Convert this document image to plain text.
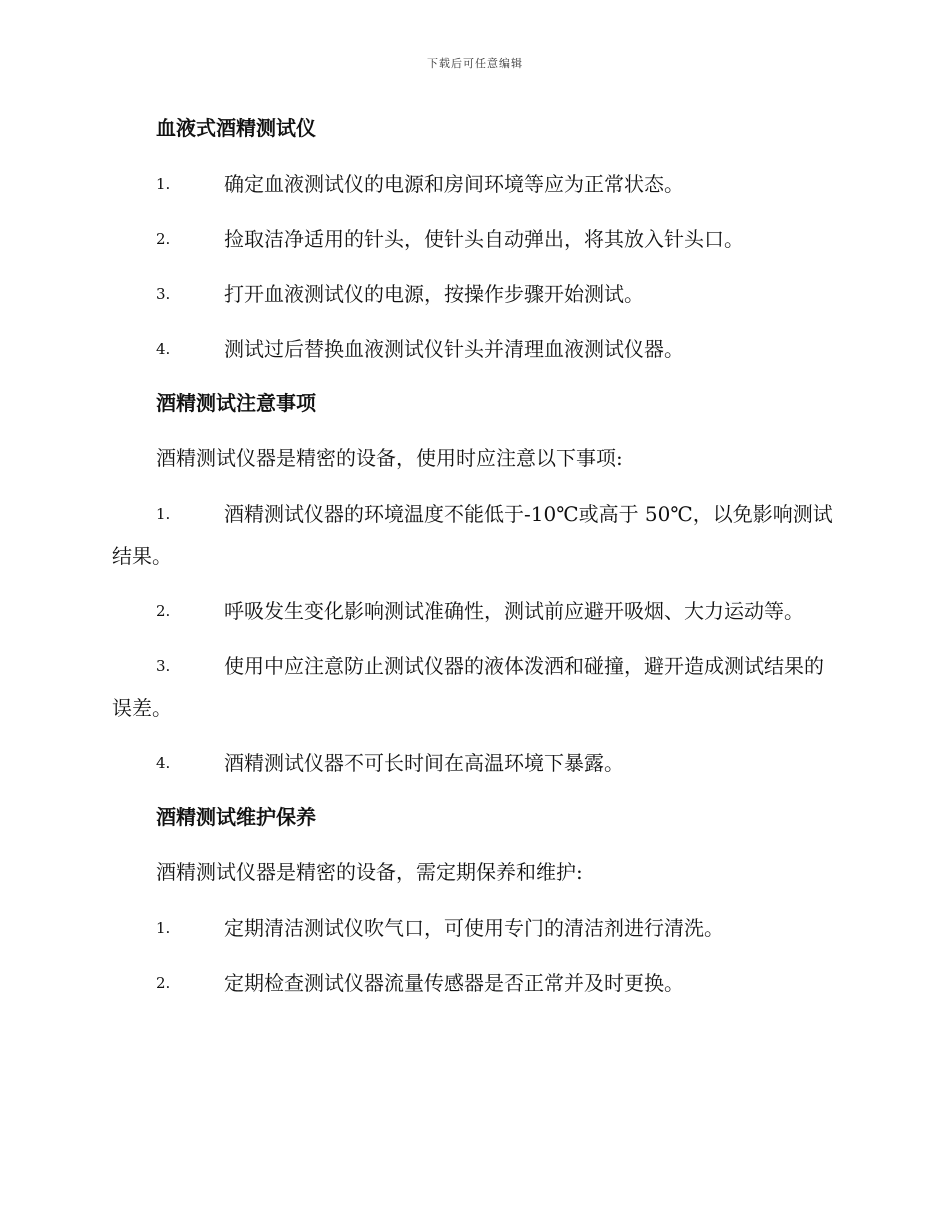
下载后可任意编辑
血液式酒精测试仪
1.	确定血液测试仪的电源和房间环境等应为正常状态。
2.	捡取洁净适用的针头，使针头自动弹出，将其放入针头口。
3.	打开血液测试仪的电源，按操作步骤开始测试。
4.	测试过后替换血液测试仪针头并清理血液测试仪器。
酒精测试注意事项
酒精测试仪器是精密的设备，使用时应注意以下事项:
1.	酒精测试仪器的环境温度不能低于-10℃或高于 50℃，以免影响测试结果。
2.	呼吸发生变化影响测试准确性，测试前应避开吸烟、大力运动等。
3.	使用中应注意防止测试仪器的液体泼洒和碰撞，避开造成测试结果的误差。
4.	酒精测试仪器不可长时间在高温环境下暴露。
酒精测试维护保养
酒精测试仪器是精密的设备，需定期保养和维护:
1.	定期清洁测试仪吹气口，可使用专门的清洁剂进行清洗。
2.	定期检查测试仪器流量传感器是否正常并及时更换。
